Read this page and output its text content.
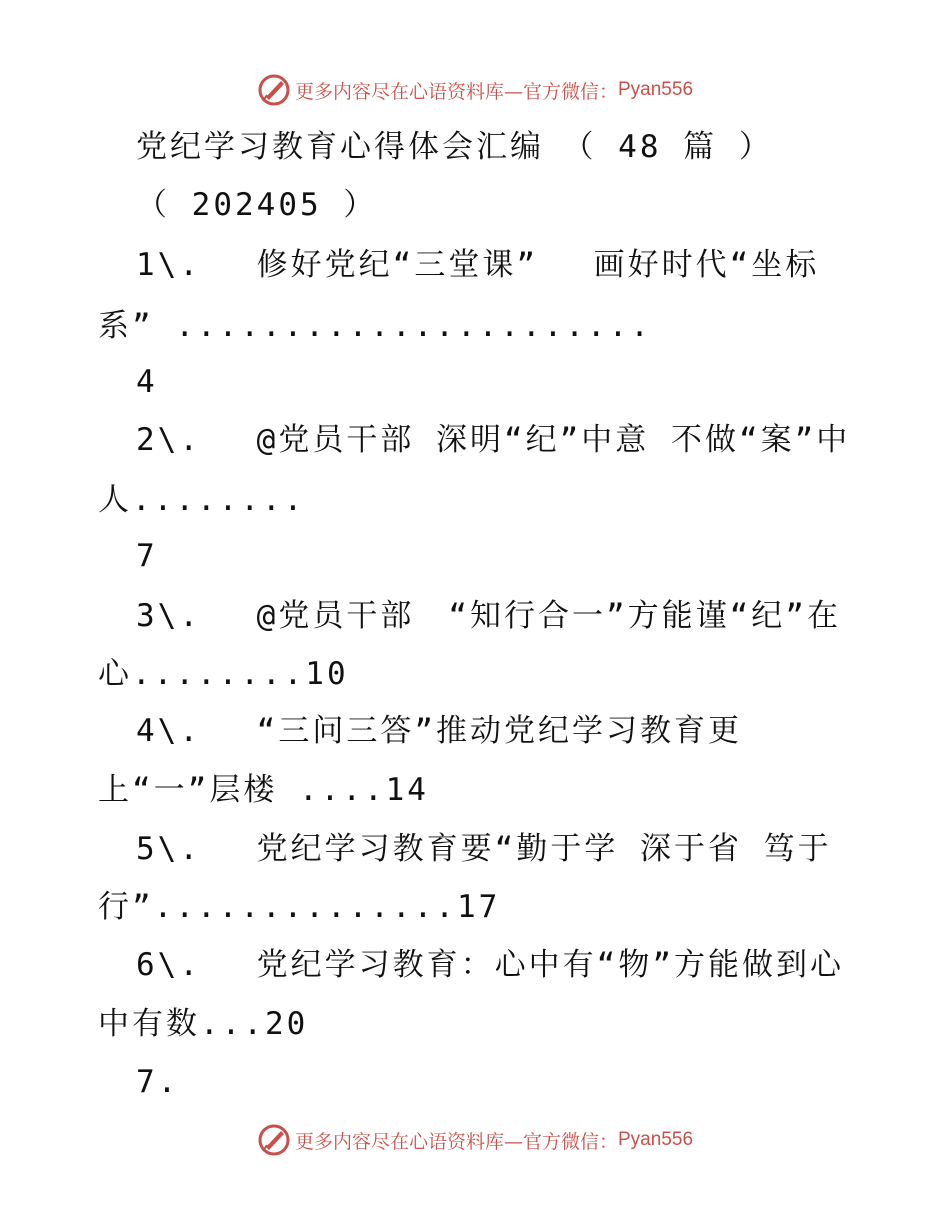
更多内容尽在心语资料库—官方微信： Pyan556
党纪学习教育心得体会汇编　（ 48 篇 ）
（ 202405 ）
1\.　 修好党纪“三堂课”　 画好时代“坐标
系” ......................
4
2\.　 @党员干部 深明“纪”中意 不做“案”中
人........
7
3\.　 @党员干部　“知行合一”方能谨“纪”在
心........10
4\.　 “三问三答”推动党纪学习教育更
上“一”层楼 ....14
5\.　 党纪学习教育要“勤于学 深于省 笃于
行”..............17
6\.　 党纪学习教育：心中有“物”方能做到心
中有数...20
7.
更多内容尽在心语资料库—官方微信： Pyan556
